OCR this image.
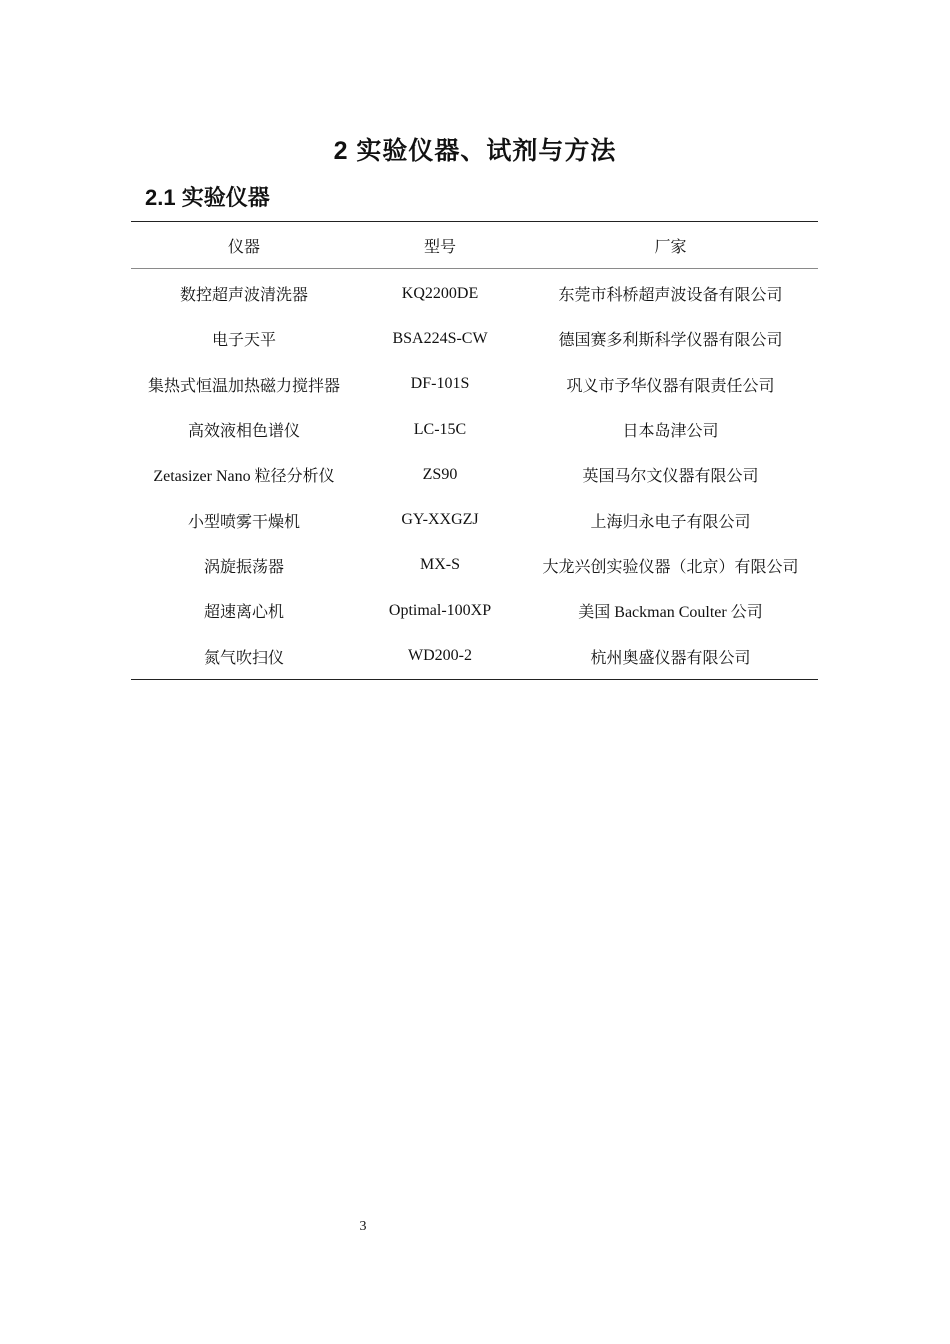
2 实验仪器、试剂与方法
2.1 实验仪器
仪器	型号	厂家
数控超声波清洗器	KQ2200DE	东莞市科桥超声波设备有限公司
电子天平	BSA224S-CW	德国赛多利斯科学仪器有限公司
集热式恒温加热磁力搅拌器	DF-101S	巩义市予华仪器有限责任公司
高效液相色谱仪	LC-15C	日本岛津公司
Zetasizer Nano 粒径分析仪	ZS90	英国马尔文仪器有限公司
小型喷雾干燥机	GY-XXGZJ	上海归永电子有限公司
涡旋振荡器	MX-S	大龙兴创实验仪器（北京）有限公司
超速离心机	Optimal-100XP	美国 Backman Coulter 公司
氮气吹扫仪	WD200-2	杭州奥盛仪器有限公司
3
